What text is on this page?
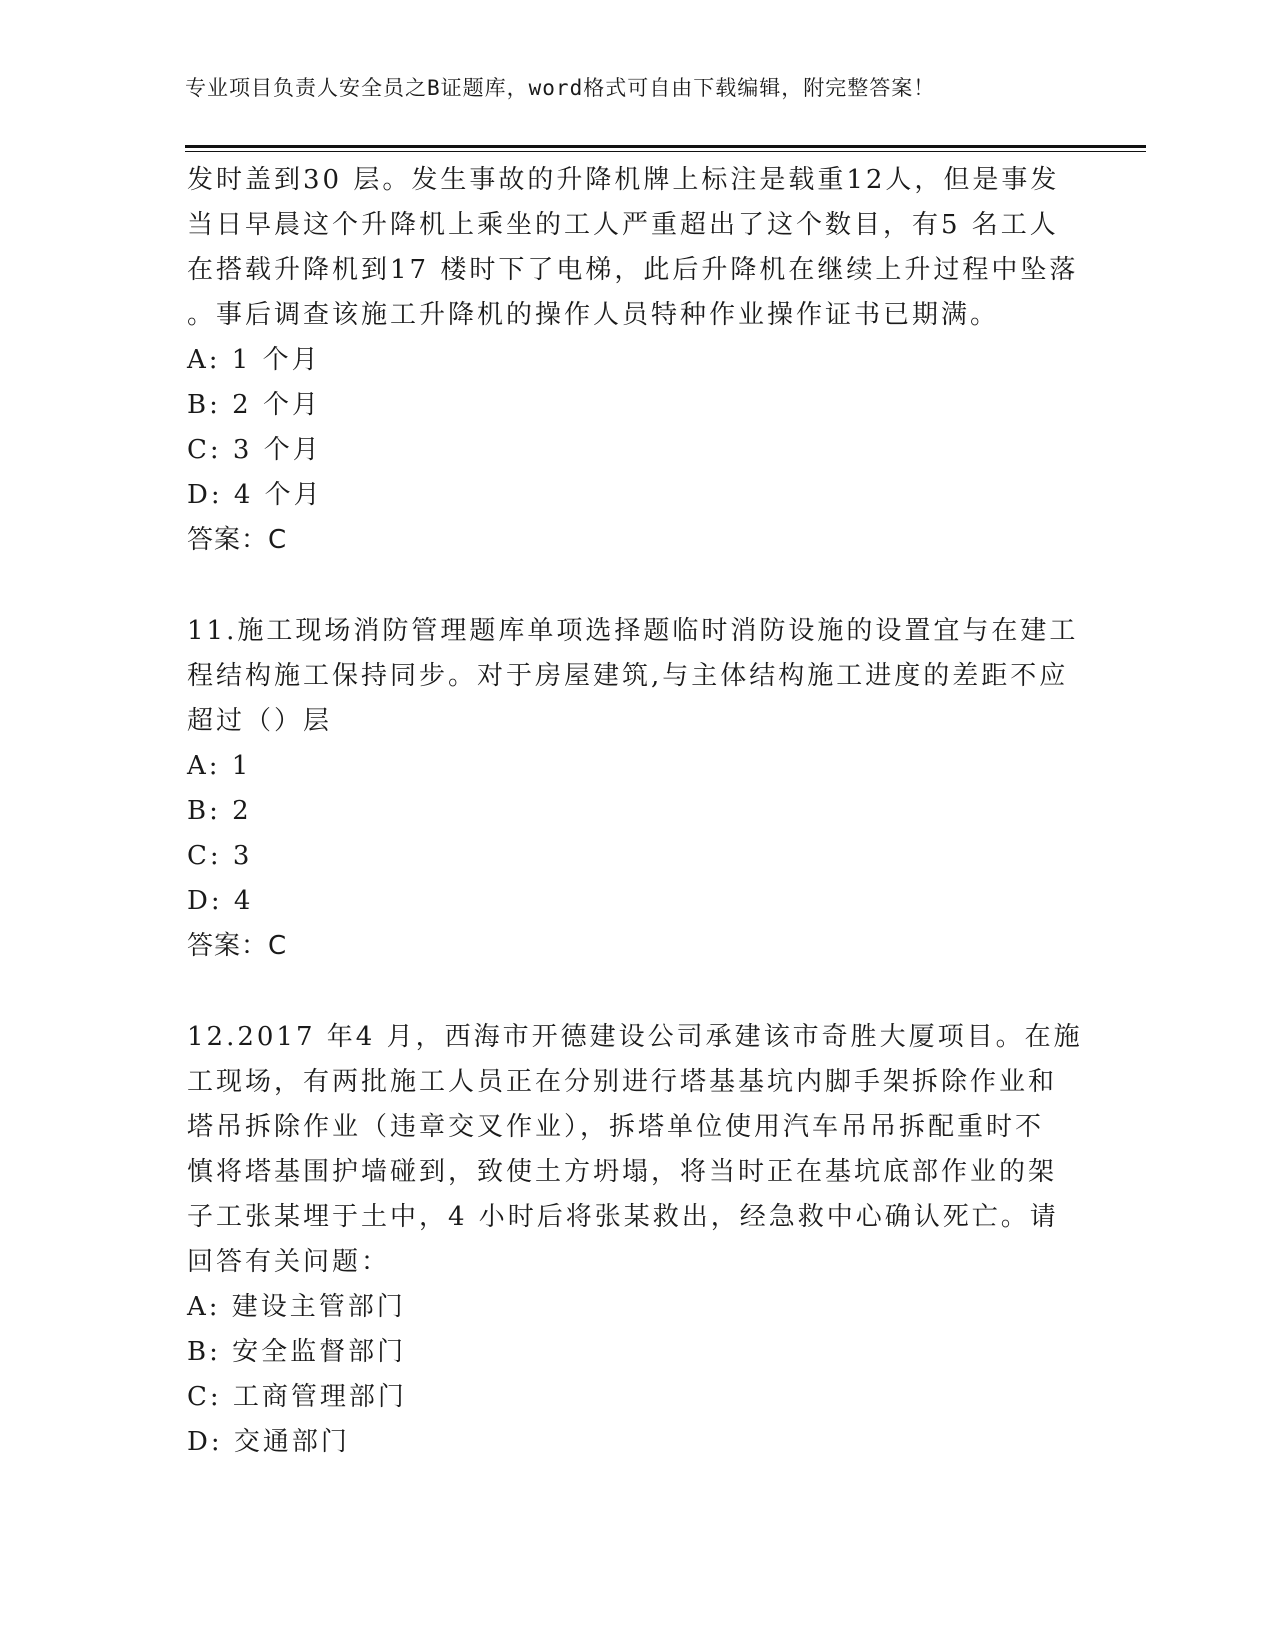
专业项目负责人安全员之B证题库，word格式可自由下载编辑，附完整答案！
发时盖到30 层。发生事故的升降机牌上标注是载重12人，但是事发
当日早晨这个升降机上乘坐的工人严重超出了这个数目，有5 名工人
在搭载升降机到17 楼时下了电梯，此后升降机在继续上升过程中坠落
。事后调查该施工升降机的操作人员特种作业操作证书已期满。
A: 1 个月
B: 2 个月
C: 3 个月
D: 4 个月
答案：C
11.施工现场消防管理题库单项选择题临时消防设施的设置宜与在建工
程结构施工保持同步。对于房屋建筑,与主体结构施工进度的差距不应
超过（）层
A: 1
B: 2
C: 3
D: 4
答案：C
12.2017 年4 月，西海市开德建设公司承建该市奇胜大厦项目。在施
工现场，有两批施工人员正在分别进行塔基基坑内脚手架拆除作业和
塔吊拆除作业（违章交叉作业），拆塔单位使用汽车吊吊拆配重时不
慎将塔基围护墙碰到，致使土方坍塌，将当时正在基坑底部作业的架
子工张某埋于土中，4 小时后将张某救出，经急救中心确认死亡。请
回答有关问题：
A: 建设主管部门
B: 安全监督部门
C: 工商管理部门
D: 交通部门
